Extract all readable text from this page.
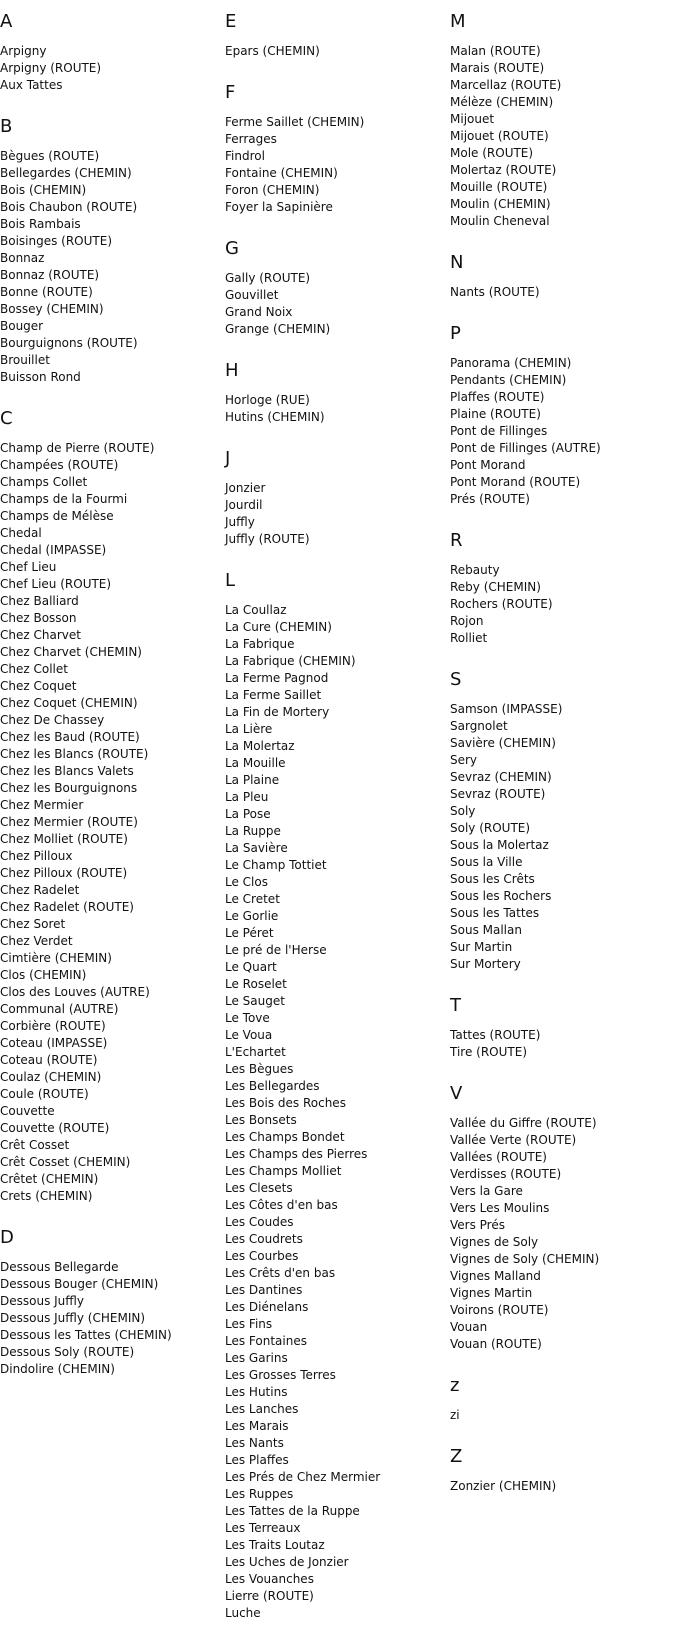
A
Arpigny
Arpigny (ROUTE)
Aux Tattes
B
Bègues (ROUTE)
Bellegardes (CHEMIN)
Bois (CHEMIN)
Bois Chaubon (ROUTE)
Bois Rambais
Boisinges (ROUTE)
Bonnaz
Bonnaz (ROUTE)
Bonne (ROUTE)
Bossey (CHEMIN)
Bouger
Bourguignons (ROUTE)
Brouillet
Buisson Rond
C
Champ de Pierre (ROUTE)
Champées (ROUTE)
Champs Collet
Champs de la Fourmi
Champs de Mélèse
Chedal
Chedal (IMPASSE)
Chef Lieu
Chef Lieu (ROUTE)
Chez Balliard
Chez Bosson
Chez Charvet
Chez Charvet (CHEMIN)
Chez Collet
Chez Coquet
Chez Coquet (CHEMIN)
Chez De Chassey
Chez les Baud (ROUTE)
Chez les Blancs (ROUTE)
Chez les Blancs Valets
Chez les Bourguignons
Chez Mermier
Chez Mermier (ROUTE)
Chez Molliet (ROUTE)
Chez Pilloux
Chez Pilloux (ROUTE)
Chez Radelet
Chez Radelet (ROUTE)
Chez Soret
Chez Verdet
Cimtière (CHEMIN)
Clos (CHEMIN)
Clos des Louves (AUTRE)
Communal (AUTRE)
Corbière (ROUTE)
Coteau (IMPASSE)
Coteau (ROUTE)
Coulaz (CHEMIN)
Coule (ROUTE)
Couvette
Couvette (ROUTE)
Crêt Cosset
Crêt Cosset (CHEMIN)
Crêtet (CHEMIN)
Crets (CHEMIN)
D
Dessous Bellegarde
Dessous Bouger (CHEMIN)
Dessous Juffly
Dessous Juffly (CHEMIN)
Dessous les Tattes (CHEMIN)
Dessous Soly (ROUTE)
Dindolire (CHEMIN)
E
Epars (CHEMIN)
F
Ferme Saillet (CHEMIN)
Ferrages
Findrol
Fontaine (CHEMIN)
Foron (CHEMIN)
Foyer la Sapinière
G
Gally (ROUTE)
Gouvillet
Grand Noix
Grange (CHEMIN)
H
Horloge (RUE)
Hutins (CHEMIN)
J
Jonzier
Jourdil
Juffly
Juffly (ROUTE)
L
La Coullaz
La Cure (CHEMIN)
La Fabrique
La Fabrique (CHEMIN)
La Ferme Pagnod
La Ferme Saillet
La Fin de Mortery
La Lière
La Molertaz
La Mouille
La Plaine
La Pleu
La Pose
La Ruppe
La Savière
Le Champ Tottiet
Le Clos
Le Cretet
Le Gorlie
Le Péret
Le pré de l'Herse
Le Quart
Le Roselet
Le Sauget
Le Tove
Le Voua
L'Echartet
Les Bègues
Les Bellegardes
Les Bois des Roches
Les Bonsets
Les Champs Bondet
Les Champs des Pierres
Les Champs Molliet
Les Clesets
Les Côtes d'en bas
Les Coudes
Les Coudrets
Les Courbes
Les Crêts d'en bas
Les Dantines
Les Diénelans
Les Fins
Les Fontaines
Les Garins
Les Grosses Terres
Les Hutins
Les Lanches
Les Marais
Les Nants
Les Plaffes
Les Prés de Chez Mermier
Les Ruppes
Les Tattes de la Ruppe
Les Terreaux
Les Traits Loutaz
Les Uches de Jonzier
Les Vouanches
Lierre (ROUTE)
Luche
M
Malan (ROUTE)
Marais (ROUTE)
Marcellaz (ROUTE)
Mélèze (CHEMIN)
Mijouet
Mijouet (ROUTE)
Mole (ROUTE)
Molertaz (ROUTE)
Mouille (ROUTE)
Moulin (CHEMIN)
Moulin Cheneval
N
Nants (ROUTE)
P
Panorama (CHEMIN)
Pendants (CHEMIN)
Plaffes (ROUTE)
Plaine (ROUTE)
Pont de Fillinges
Pont de Fillinges (AUTRE)
Pont Morand
Pont Morand (ROUTE)
Prés (ROUTE)
R
Rebauty
Reby (CHEMIN)
Rochers (ROUTE)
Rojon
Rolliet
S
Samson (IMPASSE)
Sargnolet
Savière (CHEMIN)
Sery
Sevraz (CHEMIN)
Sevraz (ROUTE)
Soly
Soly (ROUTE)
Sous la Molertaz
Sous la Ville
Sous les Crêts
Sous les Rochers
Sous les Tattes
Sous Mallan
Sur Martin
Sur Mortery
T
Tattes (ROUTE)
Tire (ROUTE)
V
Vallée du Giffre (ROUTE)
Vallée Verte (ROUTE)
Vallées (ROUTE)
Verdisses (ROUTE)
Vers la Gare
Vers Les Moulins
Vers Prés
Vignes de Soly
Vignes de Soly (CHEMIN)
Vignes Malland
Vignes Martin
Voirons (ROUTE)
Vouan
Vouan (ROUTE)
z
zi
Z
Zonzier (CHEMIN)
